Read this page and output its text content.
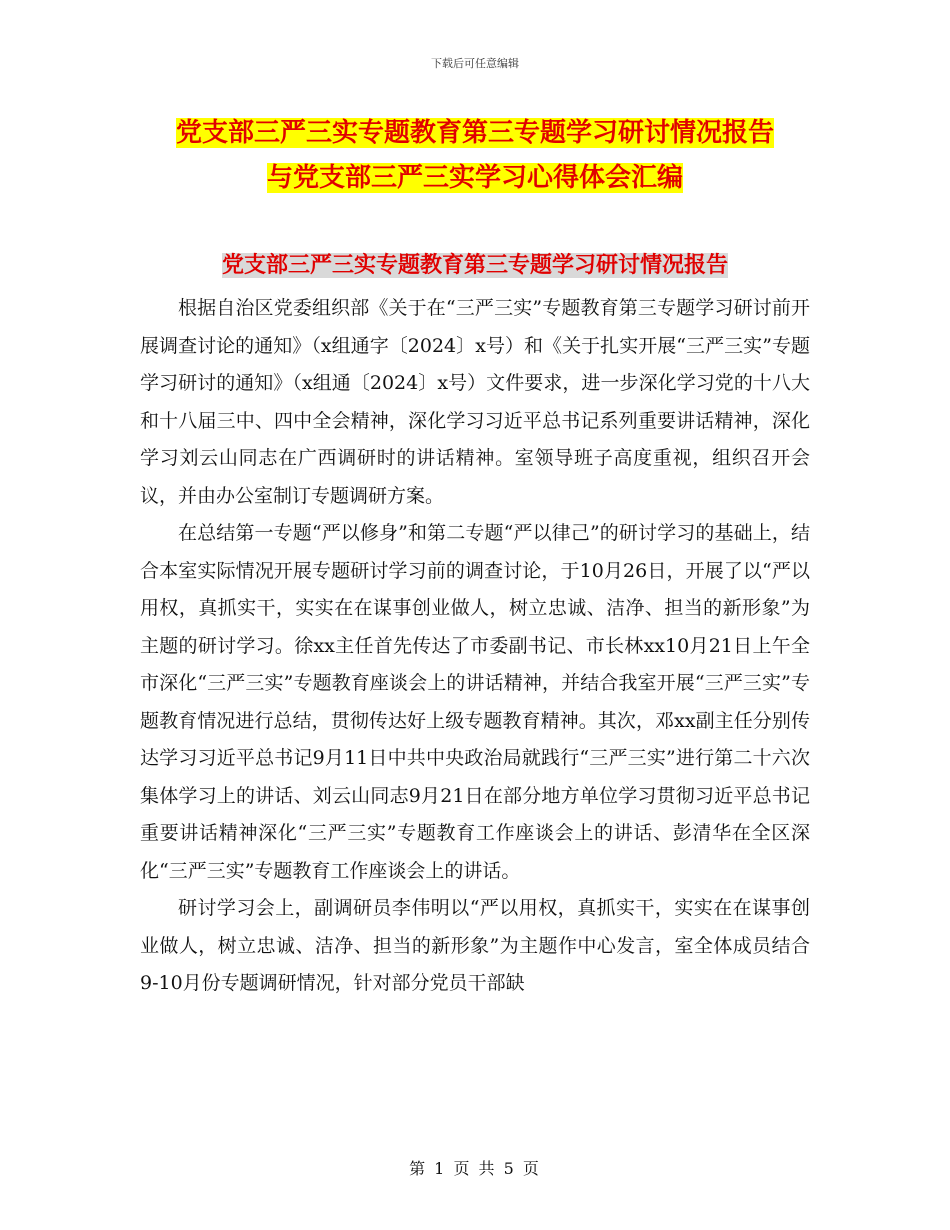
下载后可任意编辑
党支部三严三实专题教育第三专题学习研讨情况报告
与党支部三严三实学习心得体会汇编
党支部三严三实专题教育第三专题学习研讨情况报告

根据自治区党委组织部《关于在“三严三实”专题教育第三专题学习研讨前开展调查讨论的通知》（x组通字〔2024〕x号）和《关于扎实开展“三严三实”专题学习研讨的通知》（x组通〔2024〕x号）文件要求，进一步深化学习党的十八大和十八届三中、四中全会精神，深化学习习近平总书记系列重要讲话精神，深化学习刘云山同志在广西调研时的讲话精神。室领导班子高度重视，组织召开会议，并由办公室制订专题调研方案。

在总结第一专题“严以修身”和第二专题“严以律己”的研讨学习的基础上，结合本室实际情况开展专题研讨学习前的调查讨论，于10月26日，开展了以“严以用权，真抓实干，实实在在谋事创业做人，树立忠诚、洁净、担当的新形象”为主题的研讨学习。徐xx主任首先传达了市委副书记、市长林xx10月21日上午全市深化“三严三实”专题教育座谈会上的讲话精神，并结合我室开展“三严三实”专题教育情况进行总结，贯彻传达好上级专题教育精神。其次，邓xx副主任分别传达学习习近平总书记9月11日中共中央政治局就践行“三严三实”进行第二十六次集体学习上的讲话、刘云山同志9月21日在部分地方单位学习贯彻习近平总书记重要讲话精神深化“三严三实”专题教育工作座谈会上的讲话、彭清华在全区深化“三严三实”专题教育工作座谈会上的讲话。

研讨学习会上，副调研员李伟明以“严以用权，真抓实干，实实在在谋事创业做人，树立忠诚、洁净、担当的新形象”为主题作中心发言，室全体成员结合9-10月份专题调研情况，针对部分党员干部缺

第 1 页 共 5 页
